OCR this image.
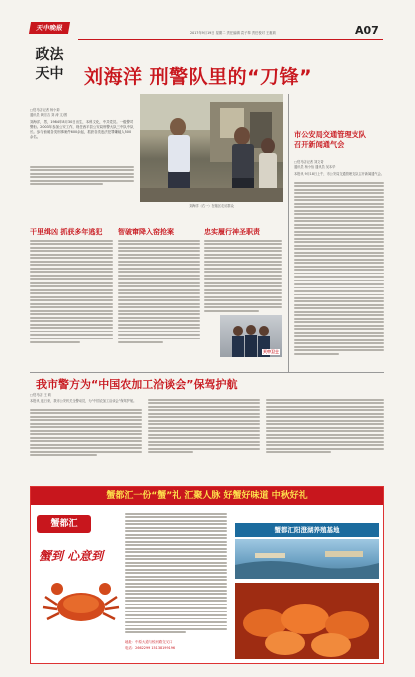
天中晚报
政法
天中
2017年9月19日 星期二 责任编辑 袁子奉 责任校对 王惠莉	A07
刘海洋 刑警队里的“刀锋”
□驻马店记者 杨小菊
通讯员 黄宗吉 刘 涛 文/图
刘海洋，男，1984年8月30日出生，本科文化，中共党员。一级警司警衔。2003年参加公安工作，现任西平县公安局刑警大队三中队中队长。参与侦破各类刑事案件600余起，抓获各类违法犯罪嫌疑人500余名。
刘海洋（右一）在辖区走访群众
干里缉凶 抓获多年逃犯 智破窜降入窑抢案	忠实履行神圣职责
天中卫士
市公安局交通管理支队
召开新闻通气会
□驻马店记者 刘文奇
通讯员 杨小怡 通讯员 吴本华
本报讯 9月18日上午，市公安局交通管理支队召开新闻通气会。
我市警方为“中国农加工洽谈会”保驾护航
□驻马店 王 莉
本报讯 连日来，我市公安机关全警动员，为“中国农加工洽谈会”保驾护航。
蟹都汇一份“蟹”礼 汇聚人脉 好蟹好味道 中秋好礼
蟹都汇
蟹到 心意到
地址：中原大道与蛟河路交叉口
电话：2662299 15138199196
蟹都汇阳澄湖养殖基地
